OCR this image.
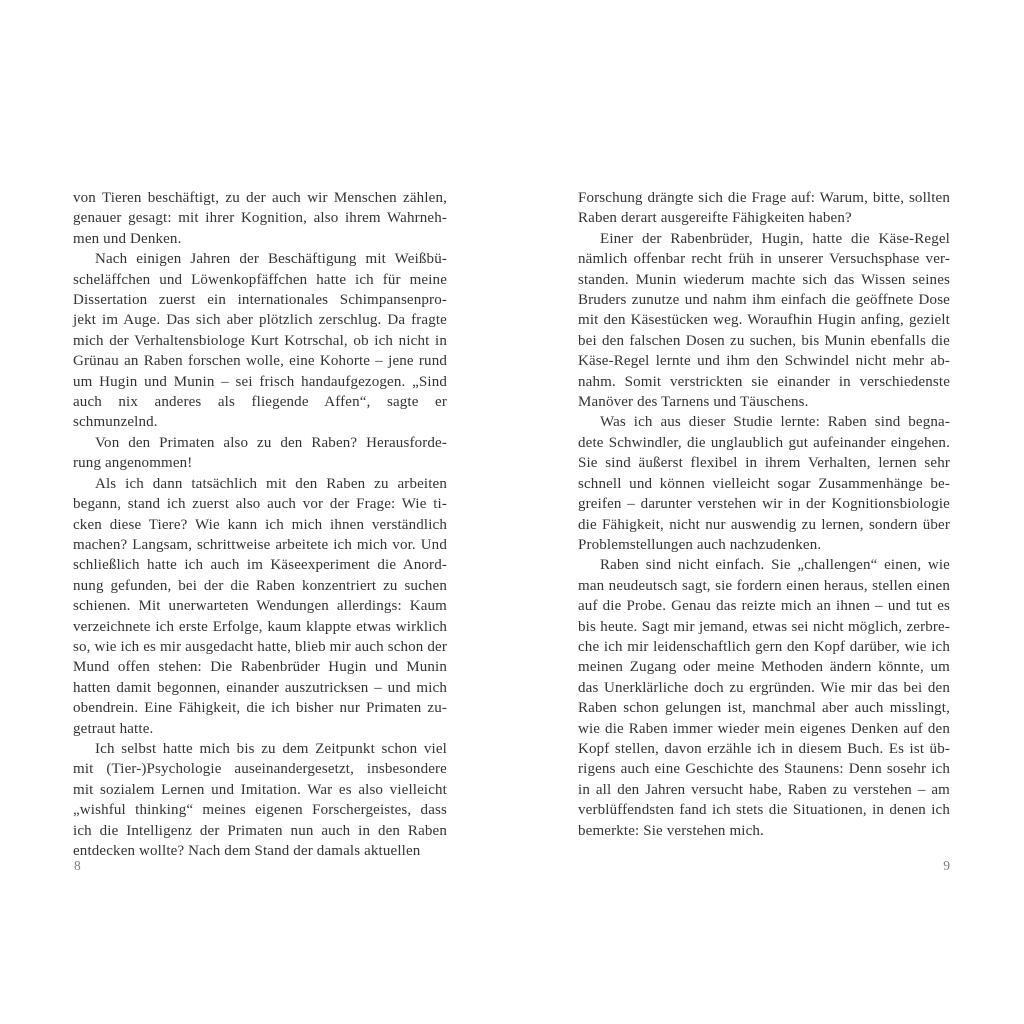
von Tieren beschäftigt, zu der auch wir Menschen zählen,
genauer gesagt: mit ihrer Kognition, also ihrem Wahrneh-
men und Denken.
Nach einigen Jahren der Beschäftigung mit Weißbü-
scheläffchen und Löwenkopfäffchen hatte ich für meine
Dissertation zuerst ein internationales Schimpansenpro-
jekt im Auge. Das sich aber plötzlich zerschlug. Da fragte
mich der Verhaltensbiologe Kurt Kotrschal, ob ich nicht in
Grünau an Raben forschen wolle, eine Kohorte – jene rund
um Hugin und Munin – sei frisch handaufgezogen. „Sind
auch nix anderes als fliegende Affen“, sagte er schmunzelnd.
Von den Primaten also zu den Raben? Herausforde-
rung angenommen!
Als ich dann tatsächlich mit den Raben zu arbeiten
begann, stand ich zuerst also auch vor der Frage: Wie ti-
cken diese Tiere? Wie kann ich mich ihnen verständlich
machen? Langsam, schrittweise arbeitete ich mich vor. Und
schließlich hatte ich auch im Käseexperiment die Anord-
nung gefunden, bei der die Raben konzentriert zu suchen
schienen. Mit unerwarteten Wendungen allerdings: Kaum
verzeichnete ich erste Erfolge, kaum klappte etwas wirklich
so, wie ich es mir ausgedacht hatte, blieb mir auch schon der
Mund offen stehen: Die Rabenbrüder Hugin und Munin
hatten damit begonnen, einander auszutricksen – und mich
obendrein. Eine Fähigkeit, die ich bisher nur Primaten zu-
getraut hatte.
Ich selbst hatte mich bis zu dem Zeitpunkt schon viel
mit (Tier-)Psychologie auseinandergesetzt, insbesondere
mit sozialem Lernen und Imitation. War es also vielleicht
„wishful thinking“ meines eigenen Forschergeistes, dass
ich die Intelligenz der Primaten nun auch in den Raben
entdecken wollte? Nach dem Stand der damals aktuellen
Forschung drängte sich die Frage auf: Warum, bitte, sollten
Raben derart ausgereifte Fähigkeiten haben?
Einer der Rabenbrüder, Hugin, hatte die Käse-Regel
nämlich offenbar recht früh in unserer Versuchsphase ver-
standen. Munin wiederum machte sich das Wissen seines
Bruders zunutze und nahm ihm einfach die geöffnete Dose
mit den Käsestücken weg. Woraufhin Hugin anfing, gezielt
bei den falschen Dosen zu suchen, bis Munin ebenfalls die
Käse-Regel lernte und ihm den Schwindel nicht mehr ab-
nahm. Somit verstrickten sie einander in verschiedenste
Manöver des Tarnens und Täuschens.
Was ich aus dieser Studie lernte: Raben sind begna-
dete Schwindler, die unglaublich gut aufeinander eingehen.
Sie sind äußerst flexibel in ihrem Verhalten, lernen sehr
schnell und können vielleicht sogar Zusammenhänge be-
greifen – darunter verstehen wir in der Kognitionsbiologie
die Fähigkeit, nicht nur auswendig zu lernen, sondern über
Problemstellungen auch nachzudenken.
Raben sind nicht einfach. Sie „challengen“ einen, wie
man neudeutsch sagt, sie fordern einen heraus, stellen einen
auf die Probe. Genau das reizte mich an ihnen – und tut es
bis heute. Sagt mir jemand, etwas sei nicht möglich, zerbre-
che ich mir leidenschaftlich gern den Kopf darüber, wie ich
meinen Zugang oder meine Methoden ändern könnte, um
das Unerklärliche doch zu ergründen. Wie mir das bei den
Raben schon gelungen ist, manchmal aber auch misslingt,
wie die Raben immer wieder mein eigenes Denken auf den
Kopf stellen, davon erzähle ich in diesem Buch. Es ist üb-
rigens auch eine Geschichte des Staunens: Denn sosehr ich
in all den Jahren versucht habe, Raben zu verstehen – am
verblüffendsten fand ich stets die Situationen, in denen ich
bemerkte: Sie verstehen mich.
8	9
